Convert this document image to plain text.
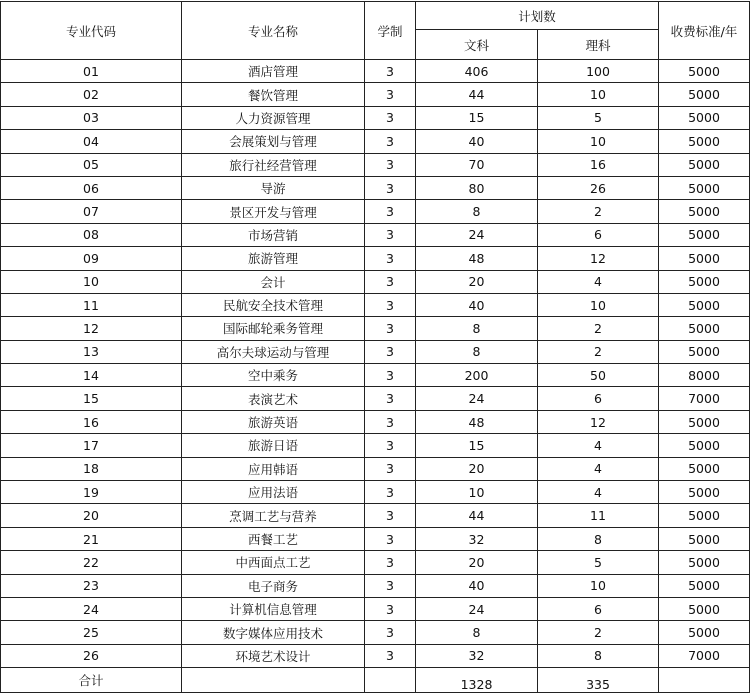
专业代码	专业名称	学制	计划数		收费标准/年
			文科	理科	
01	酒店管理	3	406	100	5000
02	餐饮管理	3	44	10	5000
03	人力资源管理	3	15	5	5000
04	会展策划与管理	3	40	10	5000
05	旅行社经营管理	3	70	16	5000
06	导游	3	80	26	5000
07	景区开发与管理	3	8	2	5000
08	市场营销	3	24	6	5000
09	旅游管理	3	48	12	5000
10	会计	3	20	4	5000
11	民航安全技术管理	3	40	10	5000
12	国际邮轮乘务管理	3	8	2	5000
13	高尔夫球运动与管理	3	8	2	5000
14	空中乘务	3	200	50	8000
15	表演艺术	3	24	6	7000
16	旅游英语	3	48	12	5000
17	旅游日语	3	15	4	5000
18	应用韩语	3	20	4	5000
19	应用法语	3	10	4	5000
20	烹调工艺与营养	3	44	11	5000
21	西餐工艺	3	32	8	5000
22	中西面点工艺	3	20	5	5000
23	电子商务	3	40	10	5000
24	计算机信息管理	3	24	6	5000
25	数字媒体应用技术	3	8	2	5000
26	环境艺术设计	3	32	8	7000
合计			1328	335	
